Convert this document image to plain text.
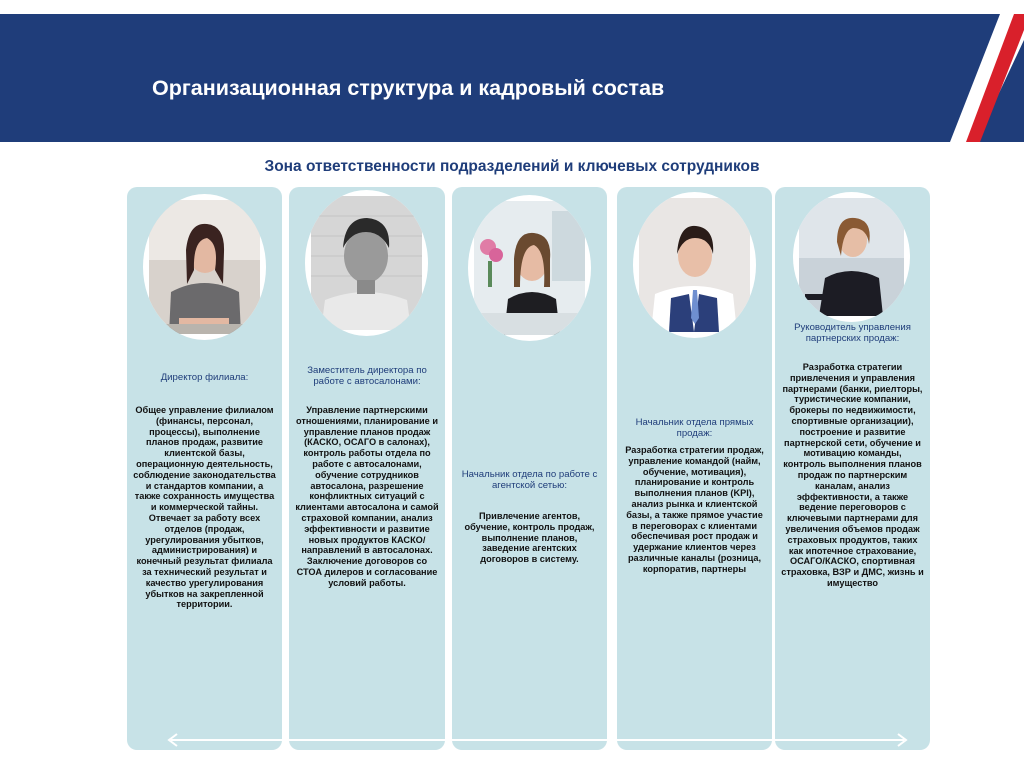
Организационная структура и кадровый состав
Зона ответственности подразделений и ключевых сотрудников
Директор филиала:
Общее управление филиалом (финансы, персонал, процессы), выполнение планов продаж, развитие клиентской базы, операционную деятельность, соблюдение законодательства и стандартов компании, а также сохранность имущества и коммерческой тайны. Отвечает за работу всех отделов (продаж, урегулирования убытков, администрирования) и конечный результат филиала за технический результат и качество урегулирования убытков на закрепленной территории.
Заместитель директора по работе с автосалонами:
Управление партнерскими отношениями, планирование и управление планов продаж (КАСКО, ОСАГО в салонах), контроль работы отдела по работе с автосалонами, обучение сотрудников автосалона, разрешение конфликтных ситуаций с клиентами автосалона и самой страховой компании, анализ эффективности и развитие новых продуктов КАСКО/направлений в автосалонах. Заключение договоров со СТОА дилеров и согласование условий работы.
Начальник отдела по работе с агентской сетью:
Привлечение агентов, обучение, контроль продаж, выполнение планов, заведение агентских договоров в систему.
Начальник отдела прямых продаж:
Разработка стратегии продаж, управление командой (найм, обучение, мотивация), планирование и контроль выполнения планов (KPI), анализ рынка и клиентской базы, а также прямое участие в переговорах с клиентами обеспечивая рост продаж и удержание клиентов через различные каналы (розница, корпоратив, партнеры
Руководитель управления партнерских продаж:
Разработка стратегии привлечения и управления партнерами (банки, риелторы, туристические компании, брокеры по недвижимости, спортивные организации), построение и развитие партнерской сети, обучение и мотивацию команды, контроль выполнения планов продаж по партнерским каналам, анализ эффективности, а также ведение переговоров с ключевыми партнерами для увеличения объемов продаж страховых продуктов, таких как ипотечное страхование, ОСАГО/КАСКО, спортивная страховка, ВЗР и ДМС, жизнь и имущество
